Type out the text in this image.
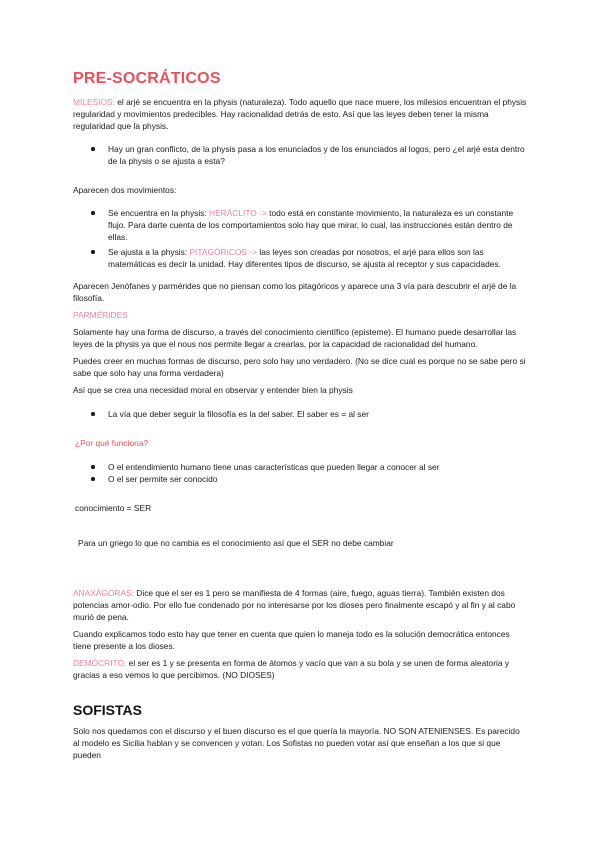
PRE-SOCRÁTICOS
MILESIOS: el arjé se encuentra en la physis (naturaleza). Todo aquello que nace muere, los milesios encuentran el physis regularidad y movimientos predecibles. Hay racionalidad detrás de esto. Así que las leyes deben tener la misma regularidad que la physis.
Hay un gran conflicto, de la physis pasa a los enunciados y de los enunciados al logos, pero ¿el arjé esta dentro de la physis o se ajusta a esta?
Aparecen dos movimientos:
Se encuentra en la physis: HERÁCLITO -> todo está en constante movimiento, la naturaleza es un constante flujo. Para darte cuenta de los comportamientos solo hay que mirar, lo cual, las instrucciones están dentro de ellas.
Se ajusta a la physis: PITAGÓRICOS -> las leyes son creadas por nosotros, el arjé para ellos son las matemáticas es decir la unidad. Hay diferentes tipos de discurso, se ajusta al receptor y sus capacidades.
Aparecen Jenófanes y parmérides que no piensan como los pitagóricos y aparece una 3 vía para descubrir el arjé de la filosofía.
PARMÉRIDES
Solamente hay una forma de discurso, a través del conocimiento científico (episteme). El humano puede desarrollar las leyes de la physis ya que el nous nos permite llegar a crearlas, por la capacidad de racionalidad del humano.
Puedes creer en muchas formas de discurso, pero solo hay uno verdadero. (No se dice cual es porque no se sabe pero si sabe que solo hay una forma verdadera)
Así que se crea una necesidad moral en observar y entender bien la physis
La vía que deber seguir la filosofía es la del saber. El saber es = al ser
¿Por qué funciona?
O el entendimiento humano tiene unas características que pueden llegar a conocer al ser
O el ser permite ser conocido
conocimiento = SER
Para un griego lo que no cambia es el conocimiento así que el SER no debe cambiar
ANAXÁGORAS: Dice que el ser es 1 pero se manifiesta de 4 formas (aire, fuego, aguas tierra). También existen dos potencias amor-odio. Por ello fue condenado por no interesarse por los dioses pero finalmente escapó y al fin y al cabo murió de pena.
Cuando explicamos todo esto hay que tener en cuenta que quien lo maneja todo es la solución democrática entonces tiene presente a los dioses.
DEMÓCRITO: el ser es 1 y se presenta en forma de átomos y vacío que van a su bola y se unen de forma aleatoria y gracias a eso vemos lo que percibimos. (NO DIOSES)
SOFISTAS
Solo nos quedamos con el discurso y el buen discurso es el que quería la mayoría. NO SON ATENIENSES. Es parecido al modelo es Sicilia hablan y se convencen y votan. Los Sofistas no pueden votar así que enseñan a los que si que pueden
